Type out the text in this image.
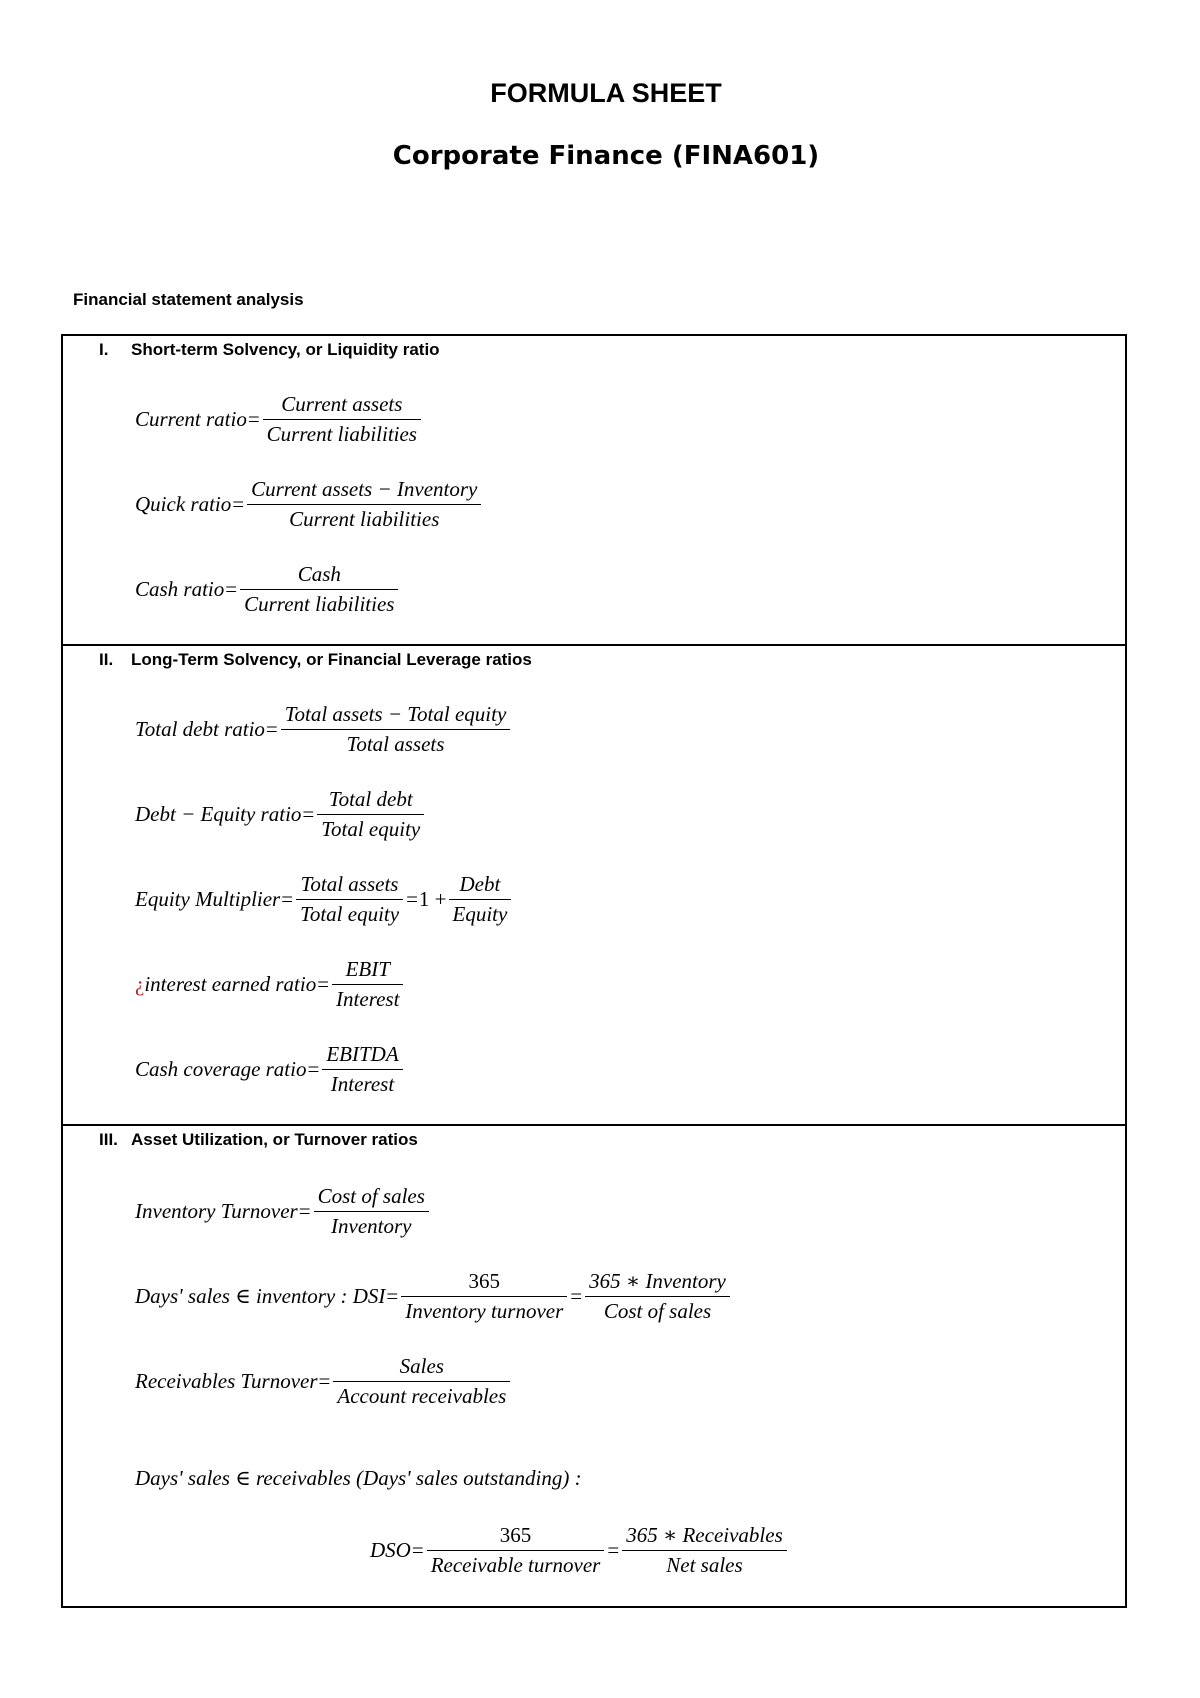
FORMULA SHEET
Corporate Finance (FINA601)
Financial statement analysis
I. Short-term Solvency, or Liquidity ratio
Current ratio = $\frac{\text{Current assets}}{\text{Current liabilities}}$
Quick ratio = $\frac{\text{Current assets − Inventory}}{\text{Current liabilities}}$
Cash ratio = $\frac{\text{Cash}}{\text{Current liabilities}}$
II. Long-Term Solvency, or Financial Leverage ratios
Total debt ratio = $\frac{\text{Total assets − Total equity}}{\text{Total assets}}$
Debt − Equity ratio = $\frac{\text{Total debt}}{\text{Total equity}}$
Equity Multiplier = $\frac{\text{Total assets}}{\text{Total equity}} = 1 + \frac{\text{Debt}}{\text{Equity}}$
¿ interest earned ratio = $\frac{\text{EBIT}}{\text{Interest}}$
Cash coverage ratio = $\frac{\text{EBITDA}}{\text{Interest}}$
III. Asset Utilization, or Turnover ratios
Inventory Turnover = $\frac{\text{Cost of sales}}{\text{Inventory}}$
Days' sales ∈ inventory : DSI = $\frac{365}{\text{Inventory turnover}} = \frac{\text{365 ∗ Inventory}}{\text{Cost of sales}}$
Receivables Turnover = $\frac{\text{Sales}}{\text{Account receivables}}$
Days' sales ∈ receivables (Days' sales outstanding) :
DSO = $\frac{365}{\text{Receivable turnover}} = \frac{\text{365 ∗ Receivables}}{\text{Net sales}}$
